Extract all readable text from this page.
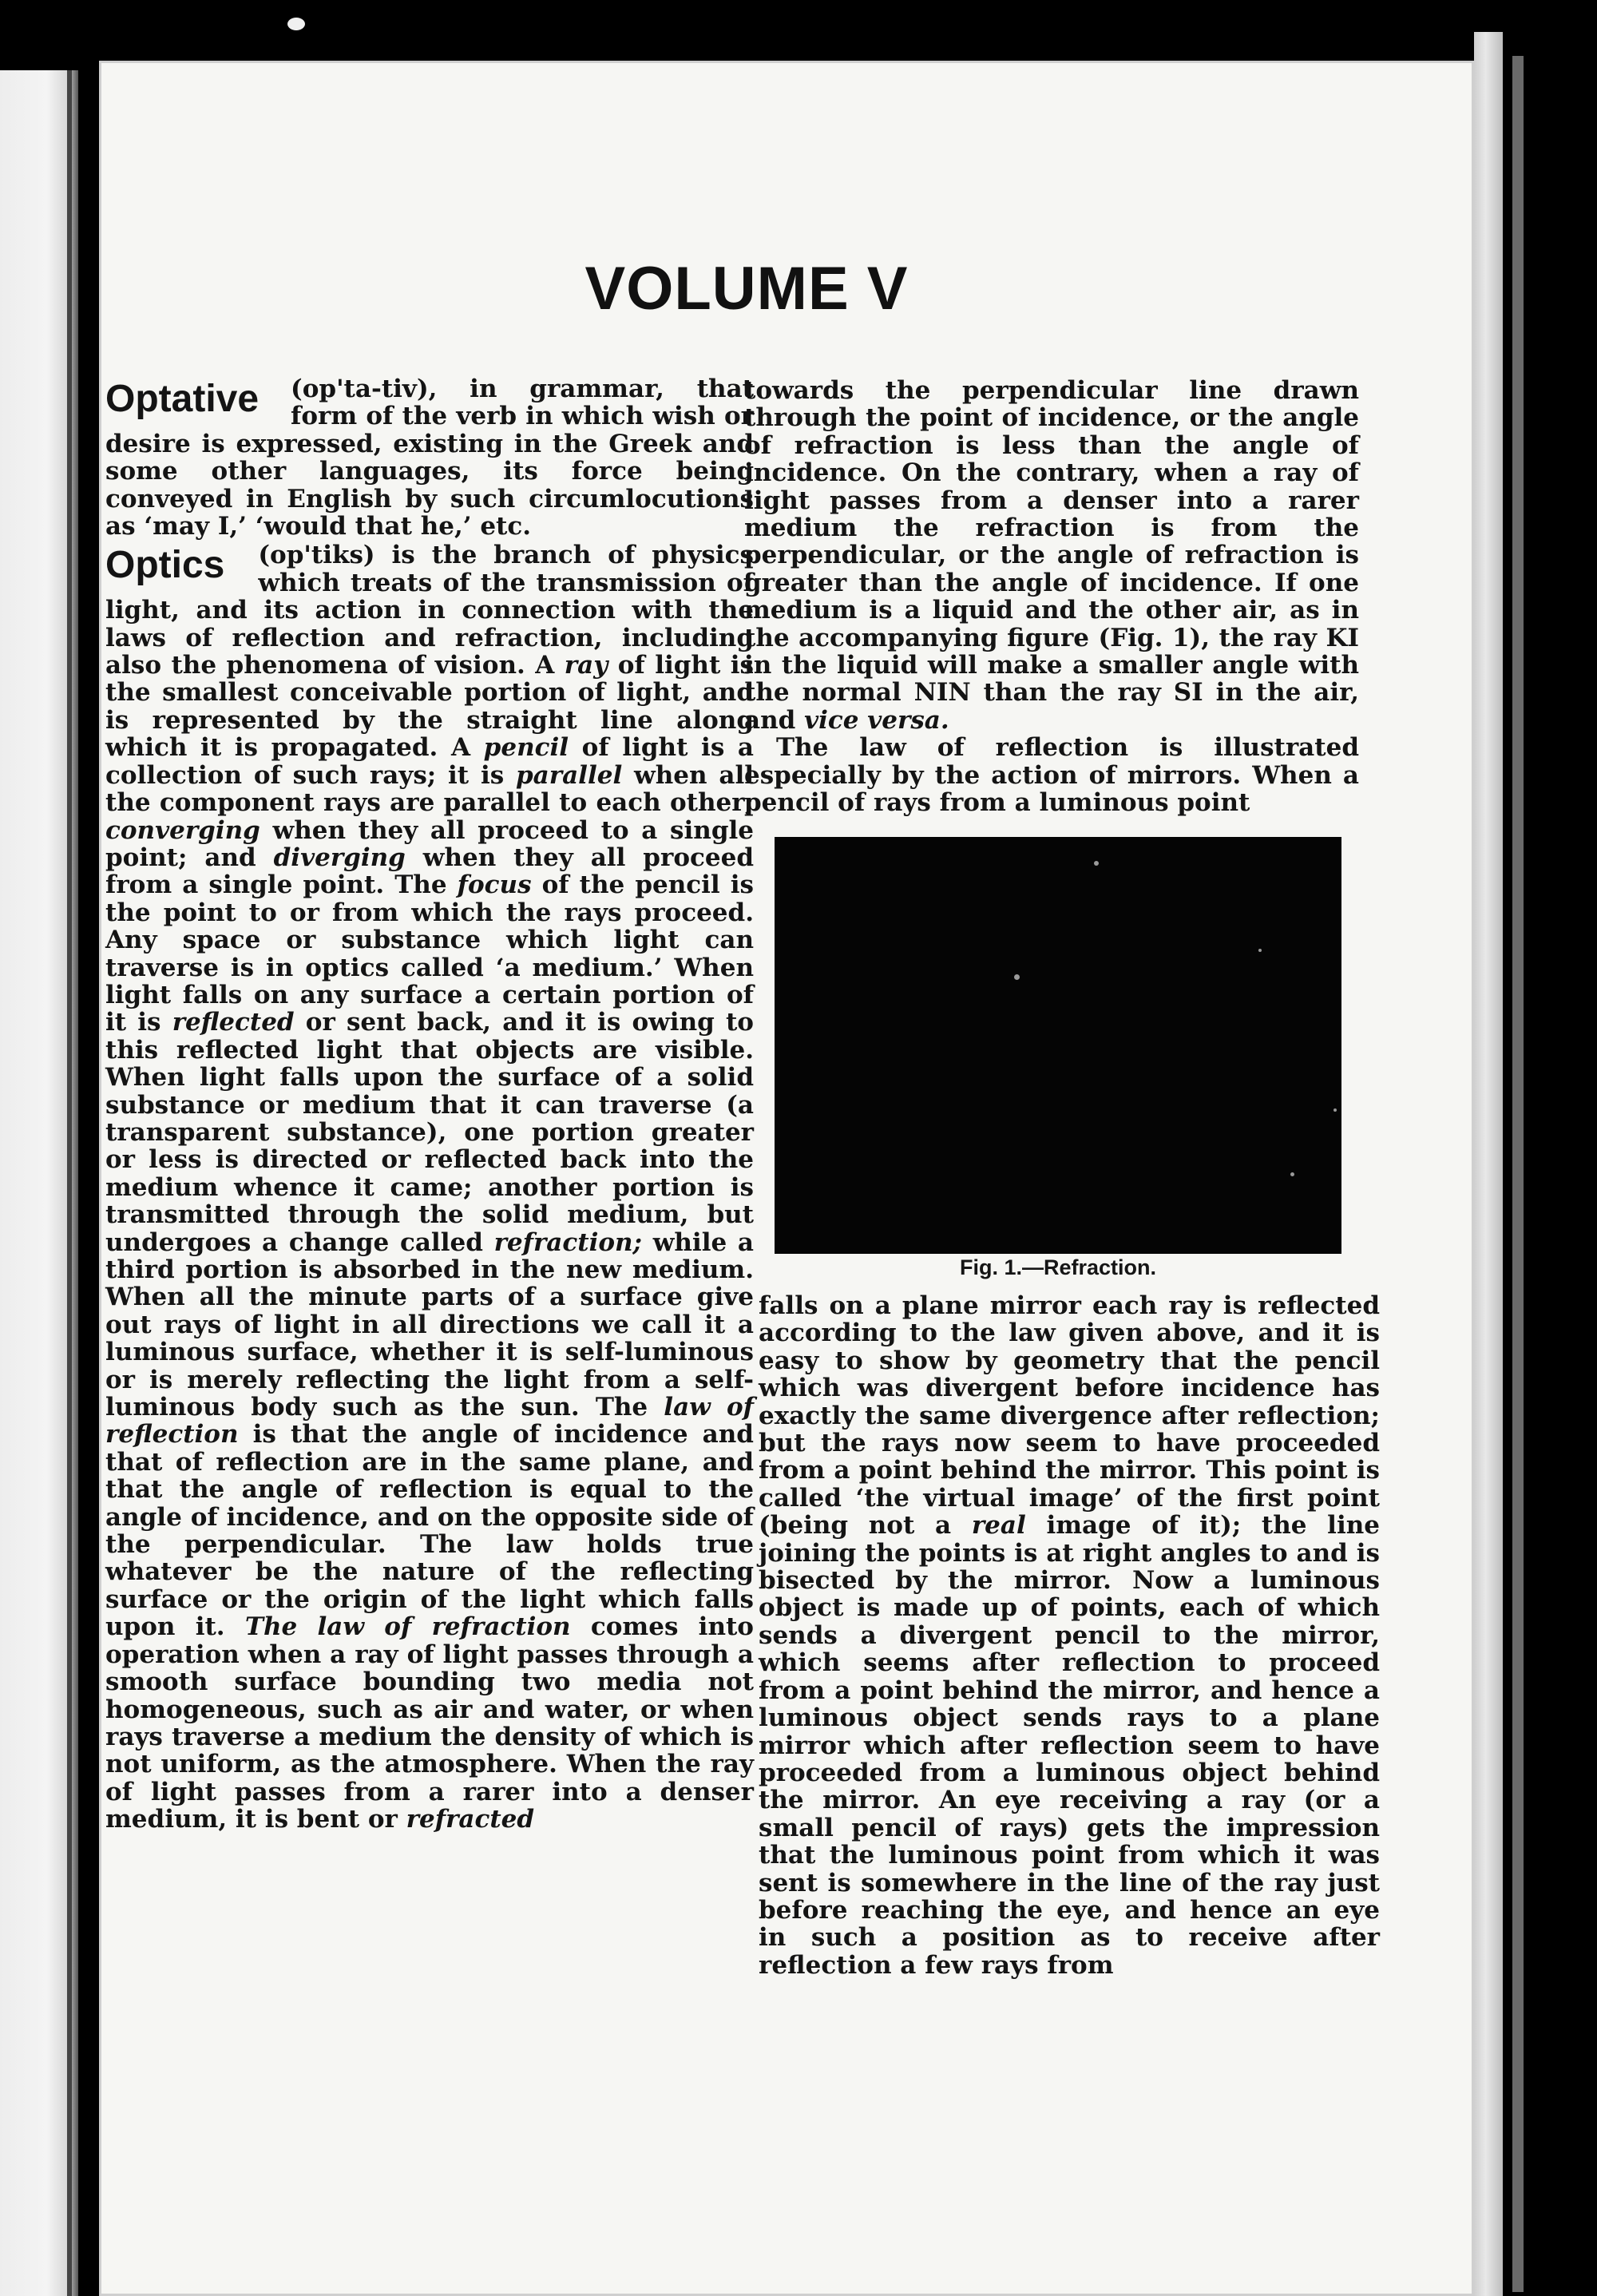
VOLUME V

Optative (op'ta-tiv), in grammar, that form of the verb in which wish or desire is expressed, existing in the Greek and some other languages, its force being conveyed in English by such circumlocutions as ‘may I,’ ‘would that he,’ etc.

Optics (op'tiks) is the branch of physics which treats of the transmission of light, and its action in connection with the laws of reflection and refraction, including also the phenomena of vision. A ray of light is the smallest conceivable portion of light, and is represented by the straight line along which it is propagated. A pencil of light is a collection of such rays; it is parallel when all the component rays are parallel to each other; converging when they all proceed to a single point; and diverging when they all proceed from a single point. The focus of the pencil is the point to or from which the rays proceed. Any space or substance which light can traverse is in optics called ‘a medium.’ When light falls on any surface a certain portion of it is reflected or sent back, and it is owing to this reflected light that objects are visible. When light falls upon the surface of a solid substance or medium that it can traverse (a transparent substance), one portion greater or less is directed or reflected back into the medium whence it came; another portion is transmitted through the solid medium, but undergoes a change called refraction; while a third portion is absorbed in the new medium. When all the minute parts of a surface give out rays of light in all directions we call it a luminous surface, whether it is self-luminous or is merely reflecting the light from a self-luminous body such as the sun. The law of reflection is that the angle of incidence and that of reflection are in the same plane, and that the angle of reflection is equal to the angle of incidence, and on the opposite side of the perpendicular. The law holds true whatever be the nature of the reflecting surface or the origin of the light which falls upon it. The law of refraction comes into operation when a ray of light passes through a smooth surface bounding two media not homogeneous, such as air and water, or when rays traverse a medium the density of which is not uniform, as the atmosphere. When the ray of light passes from a rarer into a denser medium, it is bent or refracted

towards the perpendicular line drawn through the point of incidence, or the angle of refraction is less than the angle of incidence. On the contrary, when a ray of light passes from a denser into a rarer medium the refraction is from the perpendicular, or the angle of refraction is greater than the angle of incidence. If one medium is a liquid and the other air, as in the accompanying figure (Fig. 1), the ray KI in the liquid will make a smaller angle with the normal NIN than the ray SI in the air, and vice versa.

The law of reflection is illustrated especially by the action of mirrors. When a pencil of rays from a luminous point

Fig. 1.—Refraction.

falls on a plane mirror each ray is reflected according to the law given above, and it is easy to show by geometry that the pencil which was divergent before incidence has exactly the same divergence after reflection; but the rays now seem to have proceeded from a point behind the mirror. This point is called ‘the virtual image’ of the first point (being not a real image of it); the line joining the points is at right angles to and is bisected by the mirror. Now a luminous object is made up of points, each of which sends a divergent pencil to the mirror, which seems after reflection to proceed from a point behind the mirror, and hence a luminous object sends rays to a plane mirror which after reflection seem to have proceeded from a luminous object behind the mirror. An eye receiving a ray (or a small pencil of rays) gets the impression that the luminous point from which it was sent is somewhere in the line of the ray just before reaching the eye, and hence an eye in such a position as to receive after reflection a few rays from
